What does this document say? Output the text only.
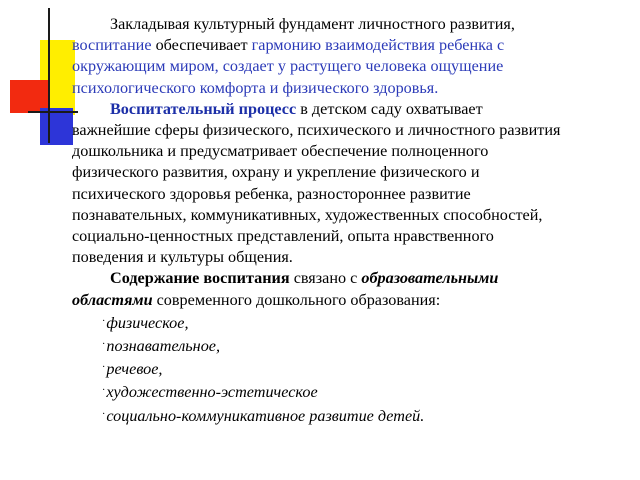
Закладывая культурный фундамент личностного развития, воспитание обеспечивает гармонию взаимодействия ребенка с окружающим миром, создает у растущего человека ощущение психологического комфорта и физического здоровья.

Воспитательный процесс в детском саду охватывает важнейшие сферы физического, психического и личностного развития дошкольника и предусматривает обеспечение полноценного физического развития, охрану и укрепление физического и психического здоровья ребенка, разностороннее развитие познавательных, коммуникативных, художественных способностей, социально-ценностных представлений, опыта нравственного поведения и культуры общения.

Содержание воспитания связано с образовательными областями современного дошкольного образования:

·физическое,
·познавательное,
·речевое,
·художественно-эстетическое
·социально-коммуникативное развитие детей.
